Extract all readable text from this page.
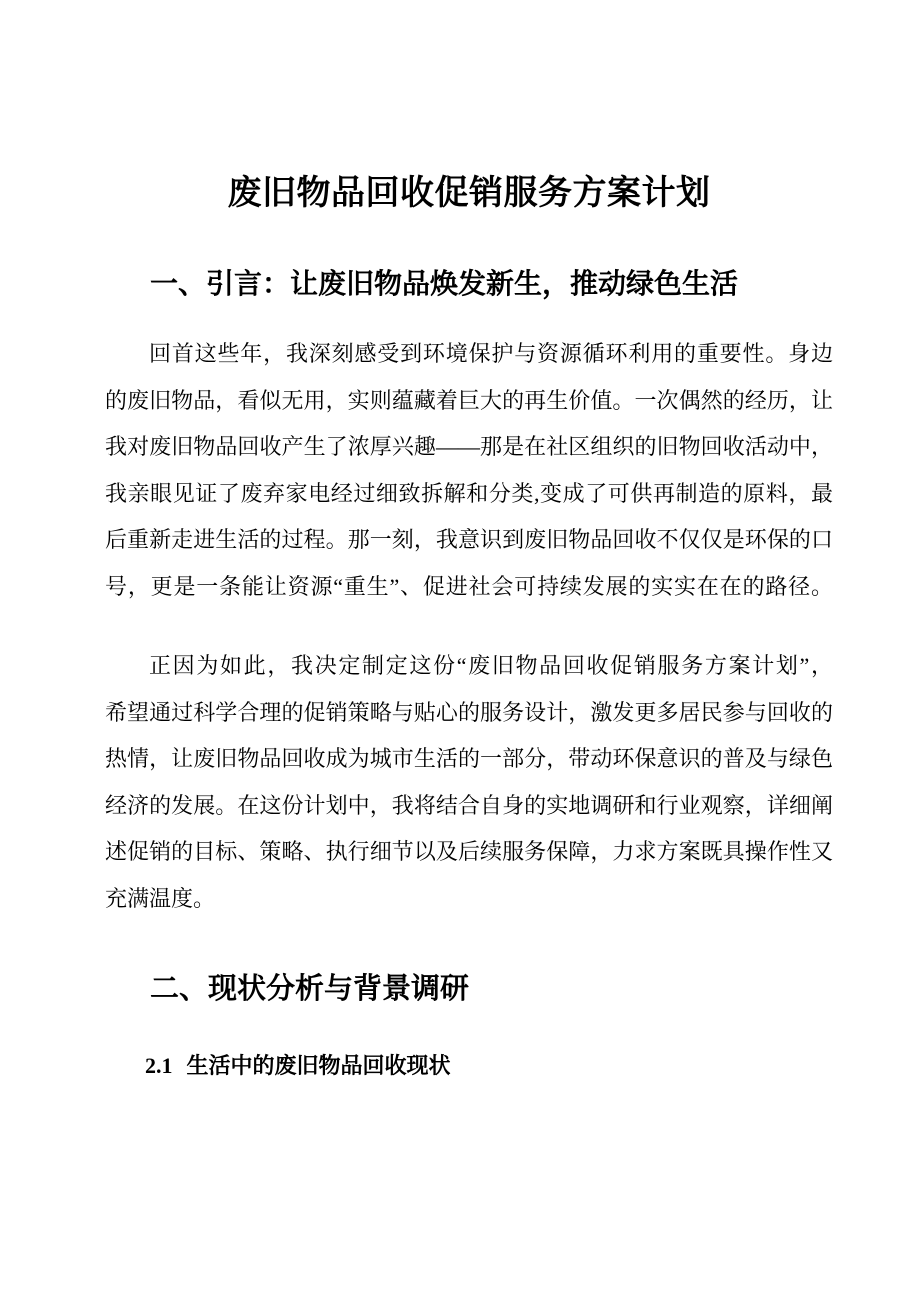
废旧物品回收促销服务方案计划
一、引言：让废旧物品焕发新生，推动绿色生活
回首这些年，我深刻感受到环境保护与资源循环利用的重要性。身边
的废旧物品，看似无用，实则蕴藏着巨大的再生价值。一次偶然的经历，让
我对废旧物品回收产生了浓厚兴趣——那是在社区组织的旧物回收活动中，
我亲眼见证了废弃家电经过细致拆解和分类,变成了可供再制造的原料，最
后重新走进生活的过程。那一刻，我意识到废旧物品回收不仅仅是环保的口
号，更是一条能让资源“重生”、促进社会可持续发展的实实在在的路径。
正因为如此，我决定制定这份“废旧物品回收促销服务方案计划”，
希望通过科学合理的促销策略与贴心的服务设计，激发更多居民参与回收的
热情，让废旧物品回收成为城市生活的一部分，带动环保意识的普及与绿色
经济的发展。在这份计划中，我将结合自身的实地调研和行业观察，详细阐
述促销的目标、策略、执行细节以及后续服务保障，力求方案既具操作性又
充满温度。
二、现状分析与背景调研
2.1 生活中的废旧物品回收现状
